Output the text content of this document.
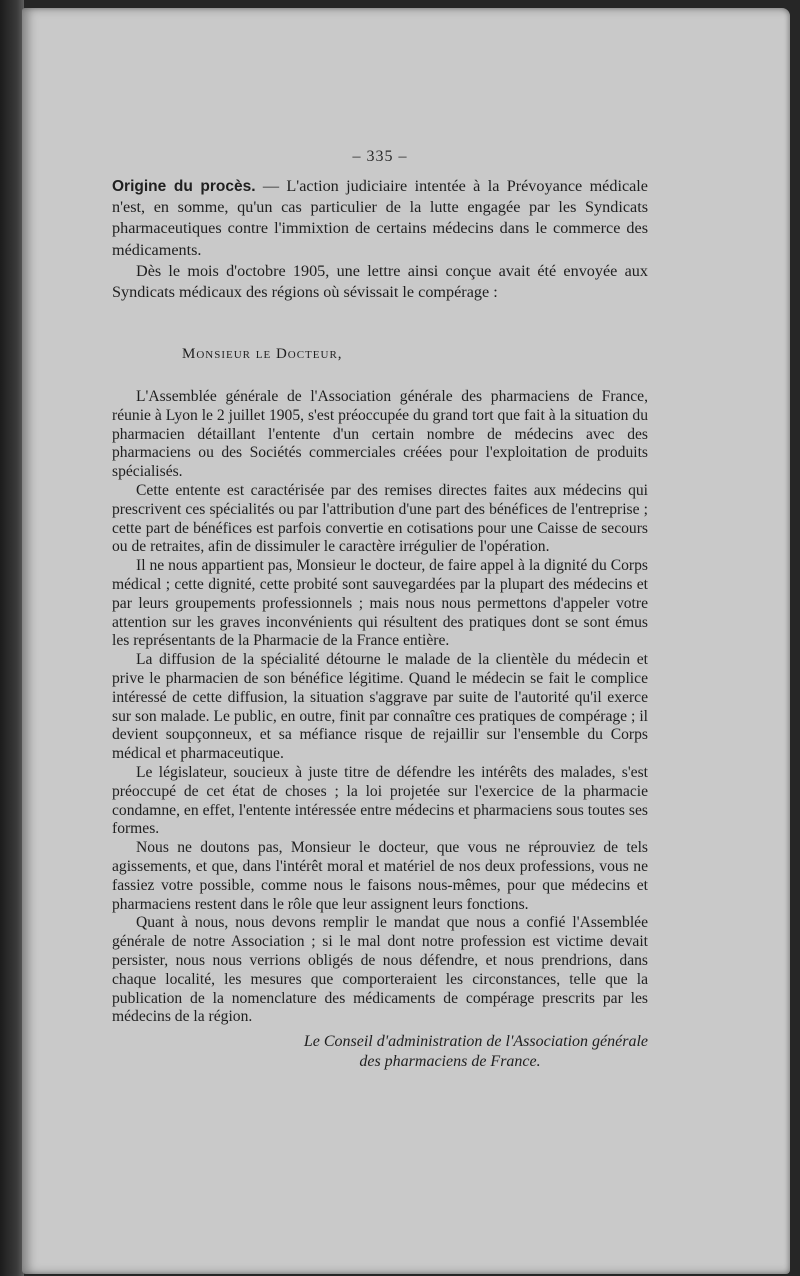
– 335 –

Origine du procès. — L'action judiciaire intentée à la Prévoyance médicale n'est, en somme, qu'un cas particulier de la lutte engagée par les Syndicats pharmaceutiques contre l'immixtion de certains médecins dans le commerce des médicaments.

Dès le mois d'octobre 1905, une lettre ainsi conçue avait été envoyée aux Syndicats médicaux des régions où sévissait le compérage :

Monsieur le Docteur,

L'Assemblée générale de l'Association générale des pharmaciens de France, réunie à Lyon le 2 juillet 1905, s'est préoccupée du grand tort que fait à la situation du pharmacien détaillant l'entente d'un certain nombre de médecins avec des pharmaciens ou des Sociétés commerciales créées pour l'exploitation de produits spécialisés.

Cette entente est caractérisée par des remises directes faites aux médecins qui prescrivent ces spécialités ou par l'attribution d'une part des bénéfices de l'entreprise ; cette part de bénéfices est parfois convertie en cotisations pour une Caisse de secours ou de retraites, afin de dissimuler le caractère irrégulier de l'opération.

Il ne nous appartient pas, Monsieur le docteur, de faire appel à la dignité du Corps médical ; cette dignité, cette probité sont sauvegardées par la plupart des médecins et par leurs groupements professionnels ; mais nous nous permettons d'appeler votre attention sur les graves inconvénients qui résultent des pratiques dont se sont émus les représentants de la Pharmacie de la France entière.

La diffusion de la spécialité détourne le malade de la clientèle du médecin et prive le pharmacien de son bénéfice légitime. Quand le médecin se fait le complice intéressé de cette diffusion, la situation s'aggrave par suite de l'autorité qu'il exerce sur son malade. Le public, en outre, finit par connaître ces pratiques de compérage ; il devient soupçonneux, et sa méfiance risque de rejaillir sur l'ensemble du Corps médical et pharmaceutique.

Le législateur, soucieux à juste titre de défendre les intérêts des malades, s'est préoccupé de cet état de choses ; la loi projetée sur l'exercice de la pharmacie condamne, en effet, l'entente intéressée entre médecins et pharmaciens sous toutes ses formes.

Nous ne doutons pas, Monsieur le docteur, que vous ne réprouviez de tels agissements, et que, dans l'intérêt moral et matériel de nos deux professions, vous ne fassiez votre possible, comme nous le faisons nous-mêmes, pour que médecins et pharmaciens restent dans le rôle que leur assignent leurs fonctions.

Quant à nous, nous devons remplir le mandat que nous a confié l'Assemblée générale de notre Association ; si le mal dont notre profession est victime devait persister, nous nous verrions obligés de nous défendre, et nous prendrions, dans chaque localité, les mesures que comporteraient les circonstances, telle que la publication de la nomenclature des médicaments de compérage prescrits par les médecins de la région.

Le Conseil d'administration de l'Association générale
des pharmaciens de France.
